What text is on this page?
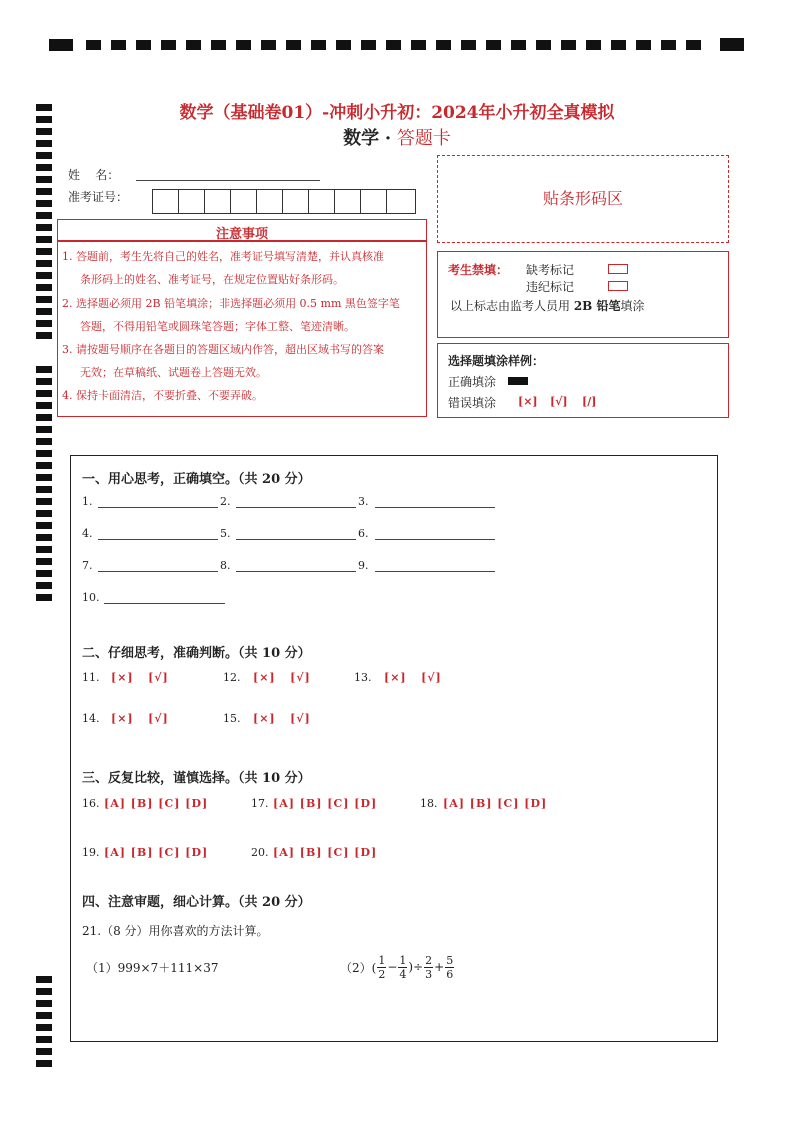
数学（基础卷01）-冲刺小升初：2024年小升初全真模拟
数学 · 答题卡
姓    名：
准考证号：	贴条形码区
注意事项
1. 答题前，考生先将自己的姓名，准考证号填写清楚，并认真核准
条形码上的姓名、准考证号，在规定位置贴好条形码。
2. 选择题必须用 2B 铅笔填涂；非选择题必须用 0.5 mm 黑色签字笔
答题，不得用铅笔或圆珠笔答题；字体工整、笔迹清晰。
3. 请按题号顺序在各题目的答题区域内作答，超出区域书写的答案
无效；在草稿纸、试题卷上答题无效。
4. 保持卡面清洁，不要折叠、不要弄破。
考生禁填： 缺考标记
违纪标记
以上标志由监考人员用 2B 铅笔填涂
选择题填涂样例：
正确填涂
错误填涂 [×] [√] [/]
一、用心思考，正确填空。（共 20 分）
1.	2.	3.
4.	5.	6.
7.	8.	9.
10.
二、仔细思考，准确判断。（共 10 分）
11. [×]   [√]	12. [×]   [√]	13. [×]   [√]
14. [×]   [√]	15. [×]   [√]
三、反复比较，谨慎选择。（共 10 分）
16. [A] [B] [C] [D]	17. [A] [B] [C] [D]	18. [A] [B] [C] [D]
19. [A] [B] [C] [D]	20. [A] [B] [C] [D]
四、注意审题，细心计算。（共 20 分）
21.（8 分）用你喜欢的方法计算。
（1）999×7＋111×37	（2）(
1
2 − 1
4 )÷ 2
3 + 5
6
